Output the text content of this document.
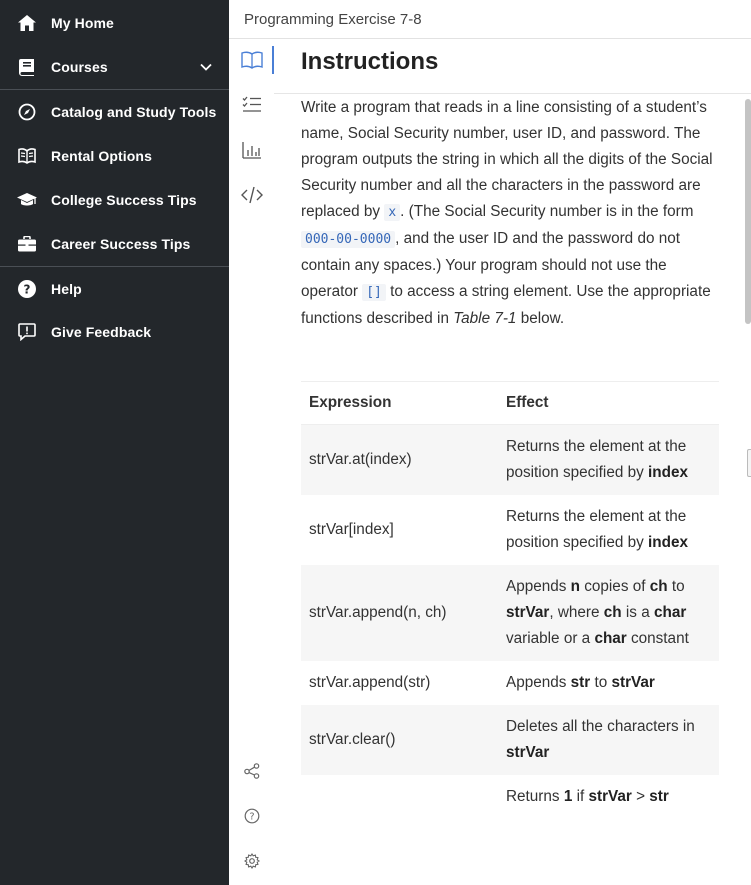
My Home
Courses
Catalog and Study Tools
Rental Options
College Success Tips
Career Success Tips
? Help
Give Feedback
Programming Exercise 7-8
?
Instructions

Write a program that reads in a line consisting of a student’s name, Social Security number, user ID, and password. The program outputs the string in which all the digits of the Social Security number and all the characters in the password are replaced by x . (The Social Security number is in the form 000-00-0000 , and the user ID and the password do not contain any spaces.) Your program should not use the operator [] to access a string element. Use the appropriate functions described in Table 7-1 below.

Expression	Effect
strVar.at(index)	Returns the element at the position specified by index
strVar[index]	Returns the element at the position specified by index
strVar.append(n, ch)	Appends n copies of ch to strVar, where ch is a char variable or a char constant
strVar.append(str)	Appends str to strVar
strVar.clear()	Deletes all the characters in strVar
	Returns 1 if strVar > str
